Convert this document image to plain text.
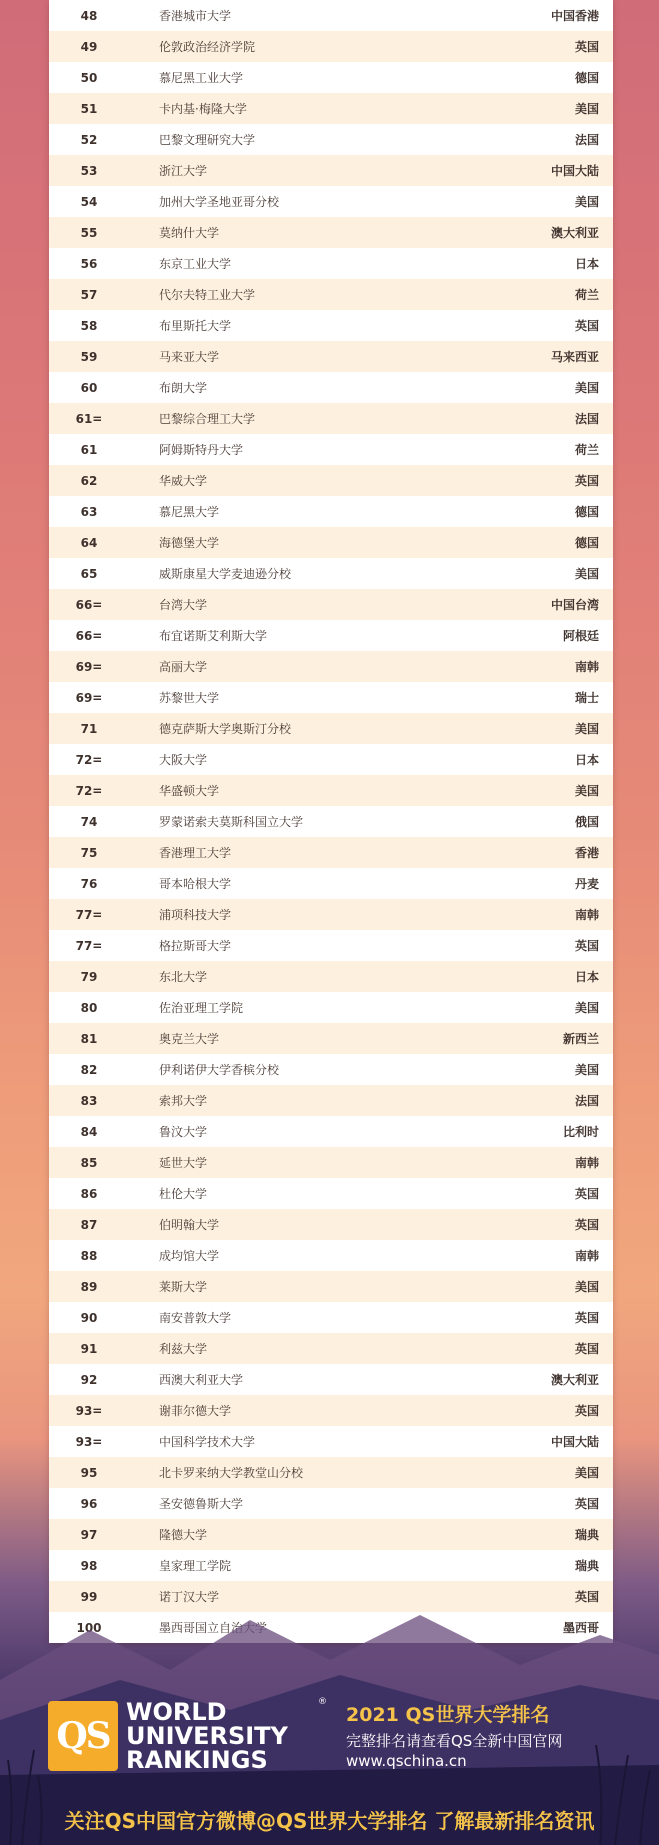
48	香港城市大学	中国香港
49	伦敦政治经济学院	英国
50	慕尼黑工业大学	德国
51	卡内基·梅隆大学	美国
52	巴黎文理研究大学	法国
53	浙江大学	中国大陆
54	加州大学圣地亚哥分校	美国
55	莫纳什大学	澳大利亚
56	东京工业大学	日本
57	代尔夫特工业大学	荷兰
58	布里斯托大学	英国
59	马来亚大学	马来西亚
60	布朗大学	美国
61=	巴黎综合理工大学	法国
61	阿姆斯特丹大学	荷兰
62	华威大学	英国
63	慕尼黑大学	德国
64	海德堡大学	德国
65	威斯康星大学麦迪逊分校	美国
66=	台湾大学	中国台湾
66=	布宜诺斯艾利斯大学	阿根廷
69=	高丽大学	南韩
69=	苏黎世大学	瑞士
71	德克萨斯大学奥斯汀分校	美国
72=	大阪大学	日本
72=	华盛顿大学	美国
74	罗蒙诺索夫莫斯科国立大学	俄国
75	香港理工大学	香港
76	哥本哈根大学	丹麦
77=	浦项科技大学	南韩
77=	格拉斯哥大学	英国
79	东北大学	日本
80	佐治亚理工学院	美国
81	奥克兰大学	新西兰
82	伊利诺伊大学香槟分校	美国
83	索邦大学	法国
84	鲁汶大学	比利时
85	延世大学	南韩
86	杜伦大学	英国
87	伯明翰大学	英国
88	成均馆大学	南韩
89	莱斯大学	美国
90	南安普敦大学	英国
91	利兹大学	英国
92	西澳大利亚大学	澳大利亚
93=	谢菲尔德大学	英国
93=	中国科学技术大学	中国大陆
95	北卡罗来纳大学教堂山分校	美国
96	圣安德鲁斯大学	英国
97	隆德大学	瑞典
98	皇家理工学院	瑞典
99	诺丁汉大学	英国
100	墨西哥国立自治大学	墨西哥
QS
WORLD
UNIVERSITY
RANKINGS
®
2021 QS世界大学排名
完整排名请查看QS全新中国官网
www.qschina.cn
关注QS中国官方微博@QS世界大学排名 了解最新排名资讯
